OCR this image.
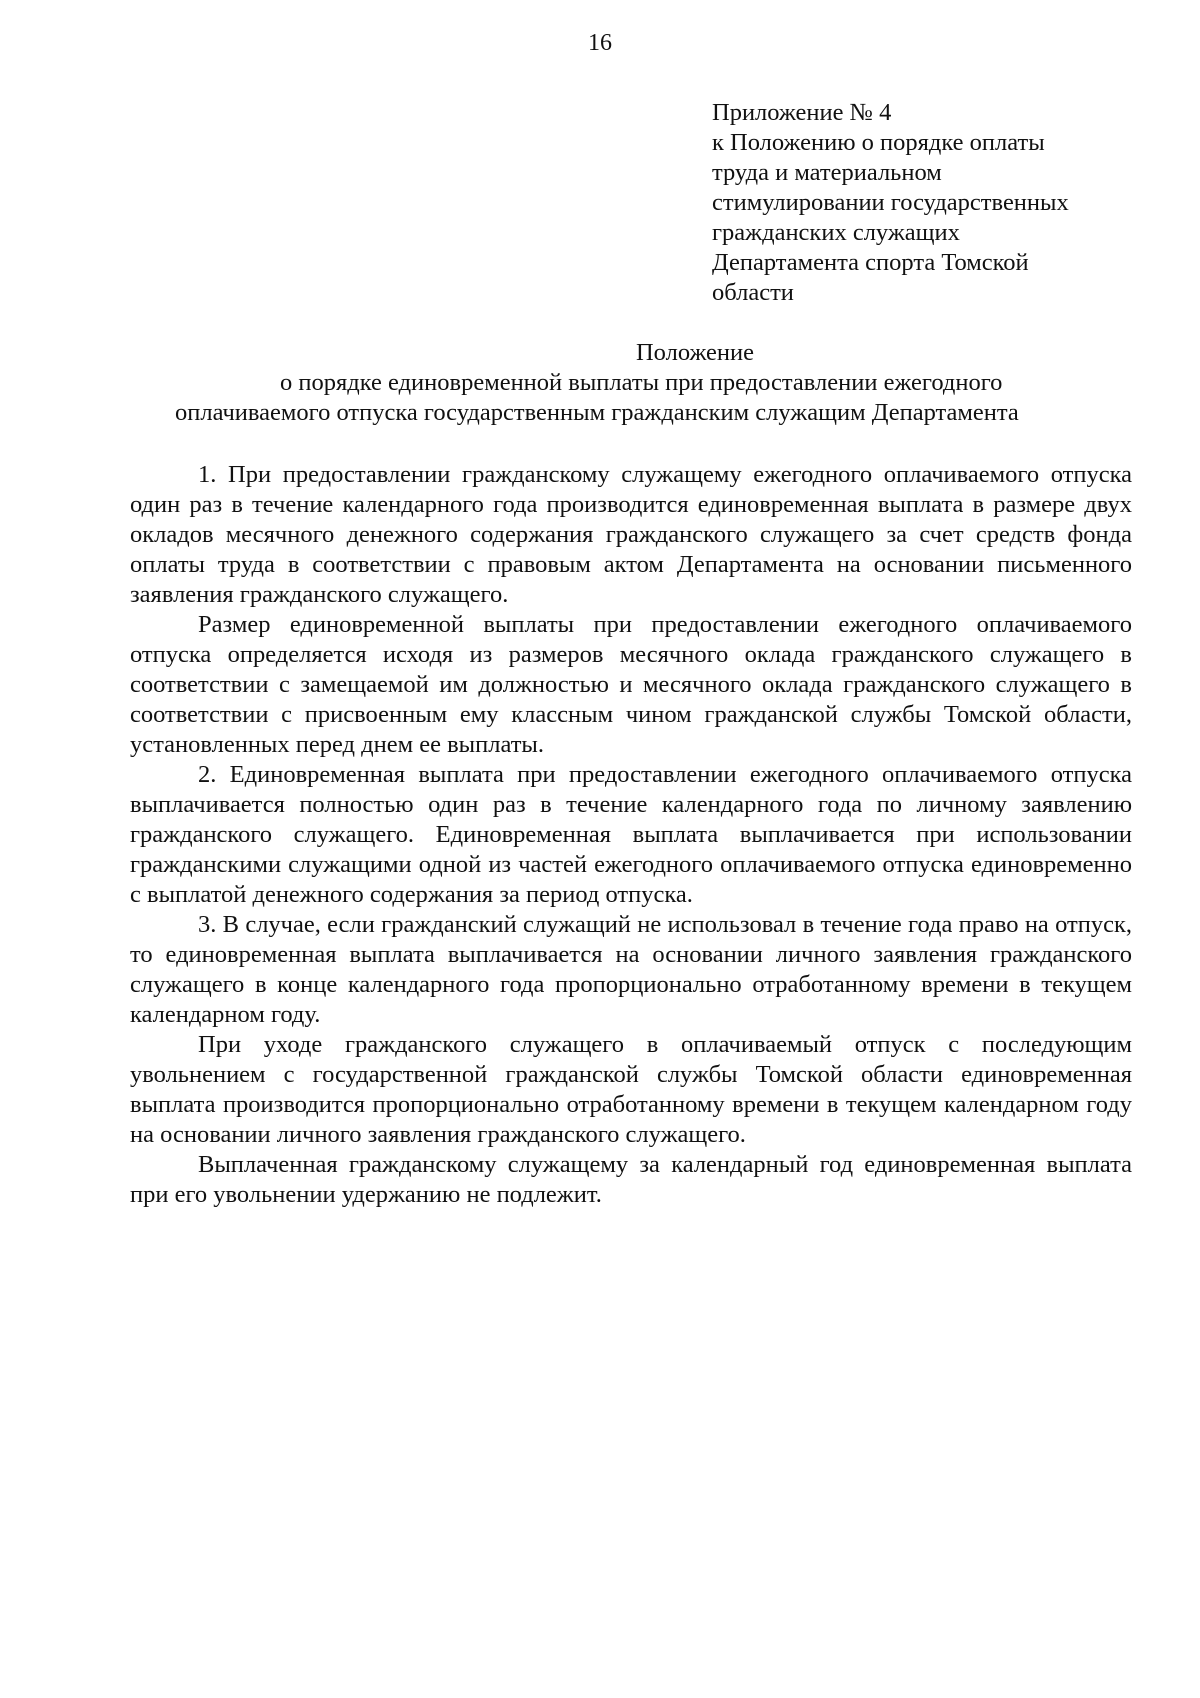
16
Приложение № 4
к Положению о порядке оплаты
труда и материальном
стимулировании государственных
гражданских служащих
Департамента спорта Томской
области
Положение
о порядке единовременной выплаты при предоставлении ежегодного
оплачиваемого отпуска государственным гражданским служащим Департамента

1. При предоставлении гражданскому служащему ежегодного оплачиваемого отпуска один раз в течение календарного года производится единовременная выплата в размере двух окладов месячного денежного содержания гражданского служащего за счет средств фонда оплаты труда в соответствии с правовым актом Департамента на основании письменного заявления гражданского служащего.

Размер единовременной выплаты при предоставлении ежегодного оплачиваемого отпуска определяется исходя из размеров месячного оклада гражданского служащего в соответствии с замещаемой им должностью и месячного оклада гражданского служащего в соответствии с присвоенным ему классным чином гражданской службы Томской области, установленных перед днем ее выплаты.

2. Единовременная выплата при предоставлении ежегодного оплачиваемого отпуска выплачивается полностью один раз в течение календарного года по личному заявлению гражданского служащего. Единовременная выплата выплачивается при использовании гражданскими служащими одной из частей ежегодного оплачиваемого отпуска единовременно с выплатой денежного содержания за период отпуска.

3. В случае, если гражданский служащий не использовал в течение года право на отпуск, то единовременная выплата выплачивается на основании личного заявления гражданского служащего в конце календарного года пропорционально отработанному времени в текущем календарном году.

При уходе гражданского служащего в оплачиваемый отпуск с последующим увольнением с государственной гражданской службы Томской области единовременная выплата производится пропорционально отработанному времени в текущем календарном году на основании личного заявления гражданского служащего.

Выплаченная гражданскому служащему за календарный год единовременная выплата при его увольнении удержанию не подлежит.
